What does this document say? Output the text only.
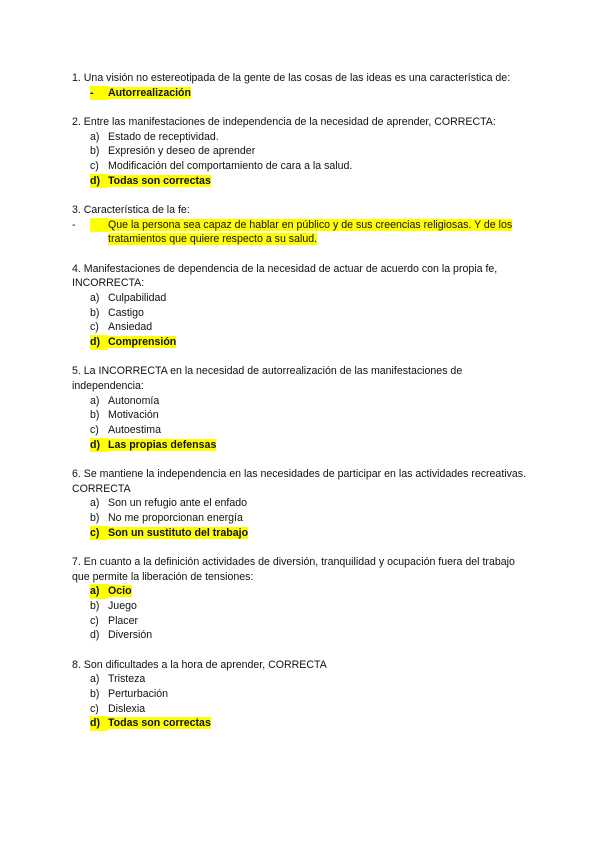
1. Una visión no estereotipada de la gente de las cosas de las ideas es una característica de:
- Autorrealización
2. Entre las manifestaciones de independencia de la necesidad de aprender, CORRECTA:
a) Estado de receptividad.
b) Expresión y deseo de aprender
c) Modificación del comportamiento de cara a la salud.
d) Todas son correctas
3. Característica de la fe:
-	Que la persona sea capaz de hablar en público y de sus creencias religiosas. Y de los tratamientos que quiere respecto a su salud.
4. Manifestaciones de dependencia de la necesidad de actuar de acuerdo con la propia fe, INCORRECTA:
a) Culpabilidad
b) Castigo
c) Ansiedad
d) Comprensión
5. La INCORRECTA en la necesidad de autorrealización de las manifestaciones de independencia:
a) Autonomía
b) Motivación
c) Autoestima
d) Las propias defensas
6. Se mantiene la independencia en las necesidades de participar en las actividades recreativas. CORRECTA
a) Son un refugio ante el enfado
b) No me proporcionan energía
c) Son un sustituto del trabajo
7. En cuanto a la definición actividades de diversión, tranquilidad y ocupación fuera del trabajo que permite la liberación de tensiones:
a) Ocio
b) Juego
c) Placer
d) Diversión
8. Son dificultades a la hora de aprender, CORRECTA
a) Tristeza
b) Perturbación
c) Dislexia
d) Todas son correctas
